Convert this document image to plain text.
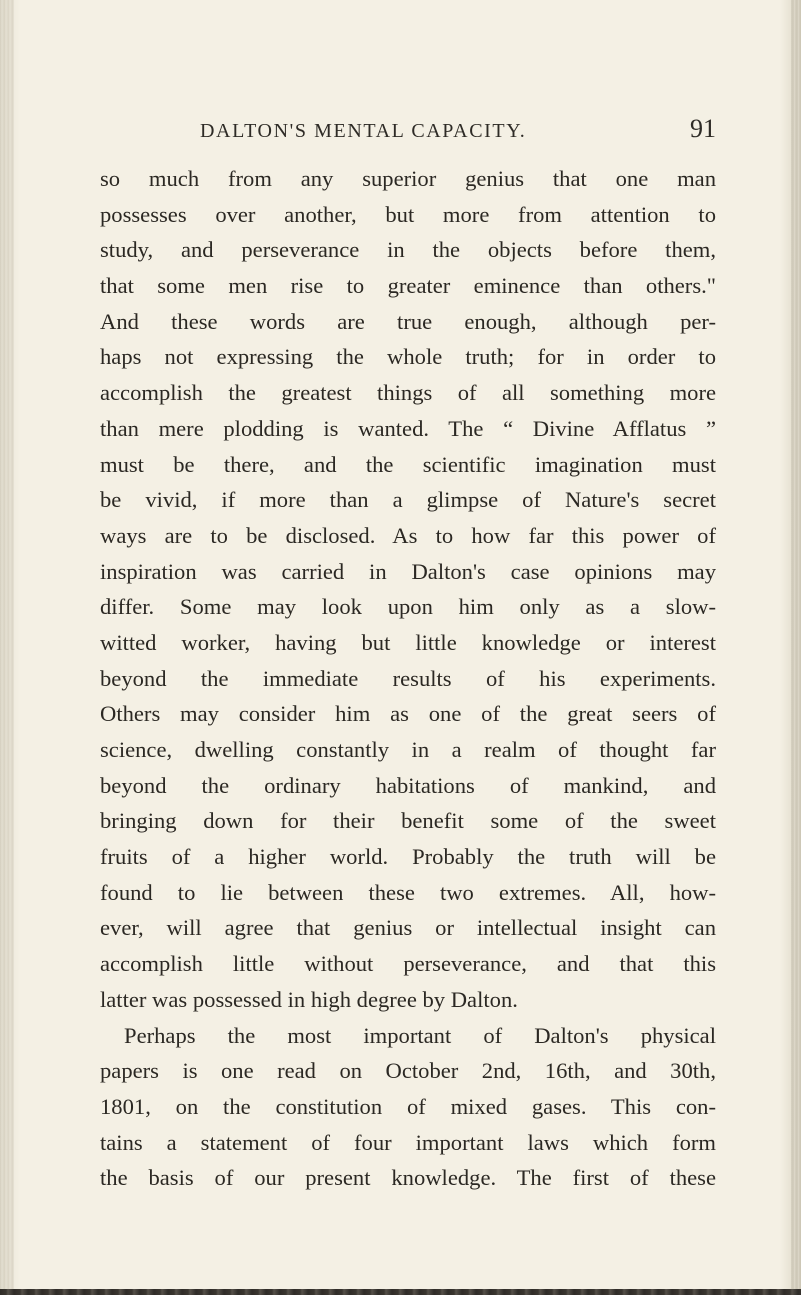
DALTON'S MENTAL CAPACITY.	91
so much from any superior genius that one man
possesses over another, but more from attention to
study, and perseverance in the objects before them,
that some men rise to greater eminence than others."
And these words are true enough, although per-
haps not expressing the whole truth; for in order to
accomplish the greatest things of all something more
than mere plodding is wanted. The “ Divine Afflatus ”
must be there, and the scientific imagination must
be vivid, if more than a glimpse of Nature's secret
ways are to be disclosed. As to how far this power of
inspiration was carried in Dalton's case opinions may
differ. Some may look upon him only as a slow-
witted worker, having but little knowledge or interest
beyond the immediate results of his experiments.
Others may consider him as one of the great seers of
science, dwelling constantly in a realm of thought far
beyond the ordinary habitations of mankind, and
bringing down for their benefit some of the sweet
fruits of a higher world. Probably the truth will be
found to lie between these two extremes. All, how-
ever, will agree that genius or intellectual insight can
accomplish little without perseverance, and that this
latter was possessed in high degree by Dalton.
Perhaps the most important of Dalton's physical
papers is one read on October 2nd, 16th, and 30th,
1801, on the constitution of mixed gases. This con-
tains a statement of four important laws which form
the basis of our present knowledge. The first of these
